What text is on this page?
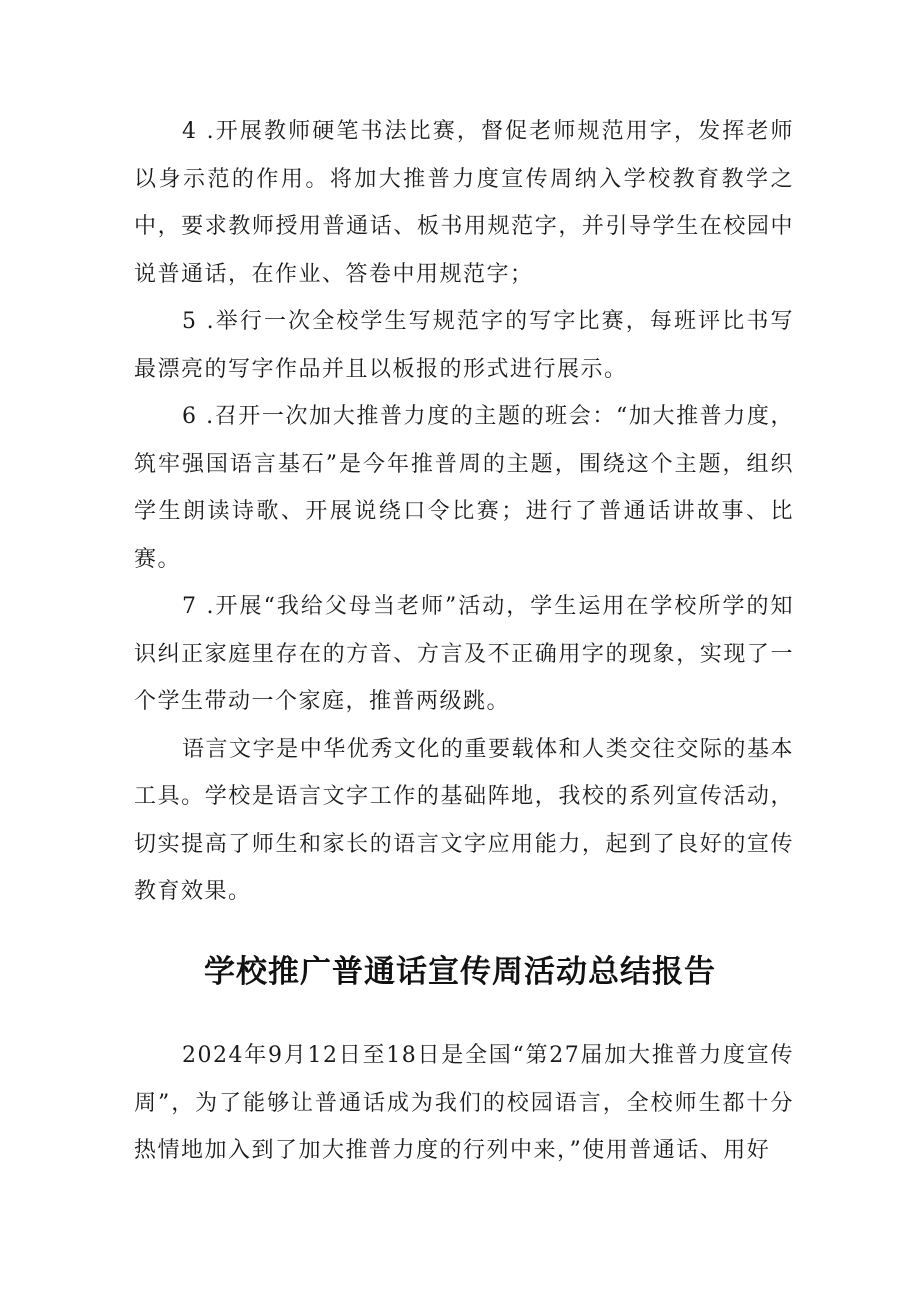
4 .开展教师硬笔书法比赛，督促老师规范用字，发挥老师以身示范的作用。将加大推普力度宣传周纳入学校教育教学之中，要求教师授用普通话、板书用规范字，并引导学生在校园中说普通话，在作业、答卷中用规范字；

5 .举行一次全校学生写规范字的写字比赛，每班评比书写最漂亮的写字作品并且以板报的形式进行展示。

6 .召开一次加大推普力度的主题的班会：“加大推普力度，筑牢强国语言基石”是今年推普周的主题，围绕这个主题，组织学生朗读诗歌、开展说绕口令比赛；进行了普通话讲故事、比赛。

7 .开展“我给父母当老师”活动，学生运用在学校所学的知识纠正家庭里存在的方音、方言及不正确用字的现象，实现了一个学生带动一个家庭，推普两级跳。

语言文字是中华优秀文化的重要载体和人类交往交际的基本工具。学校是语言文字工作的基础阵地，我校的系列宣传活动，切实提高了师生和家长的语言文字应用能力，起到了良好的宣传教育效果。

学校推广普通话宣传周活动总结报告

2024年9月12日至18日是全国“第27届加大推普力度宣传周”，为了能够让普通话成为我们的校园语言，全校师生都十分热情地加入到了加大推普力度的行列中来，”使用普通话、用好
